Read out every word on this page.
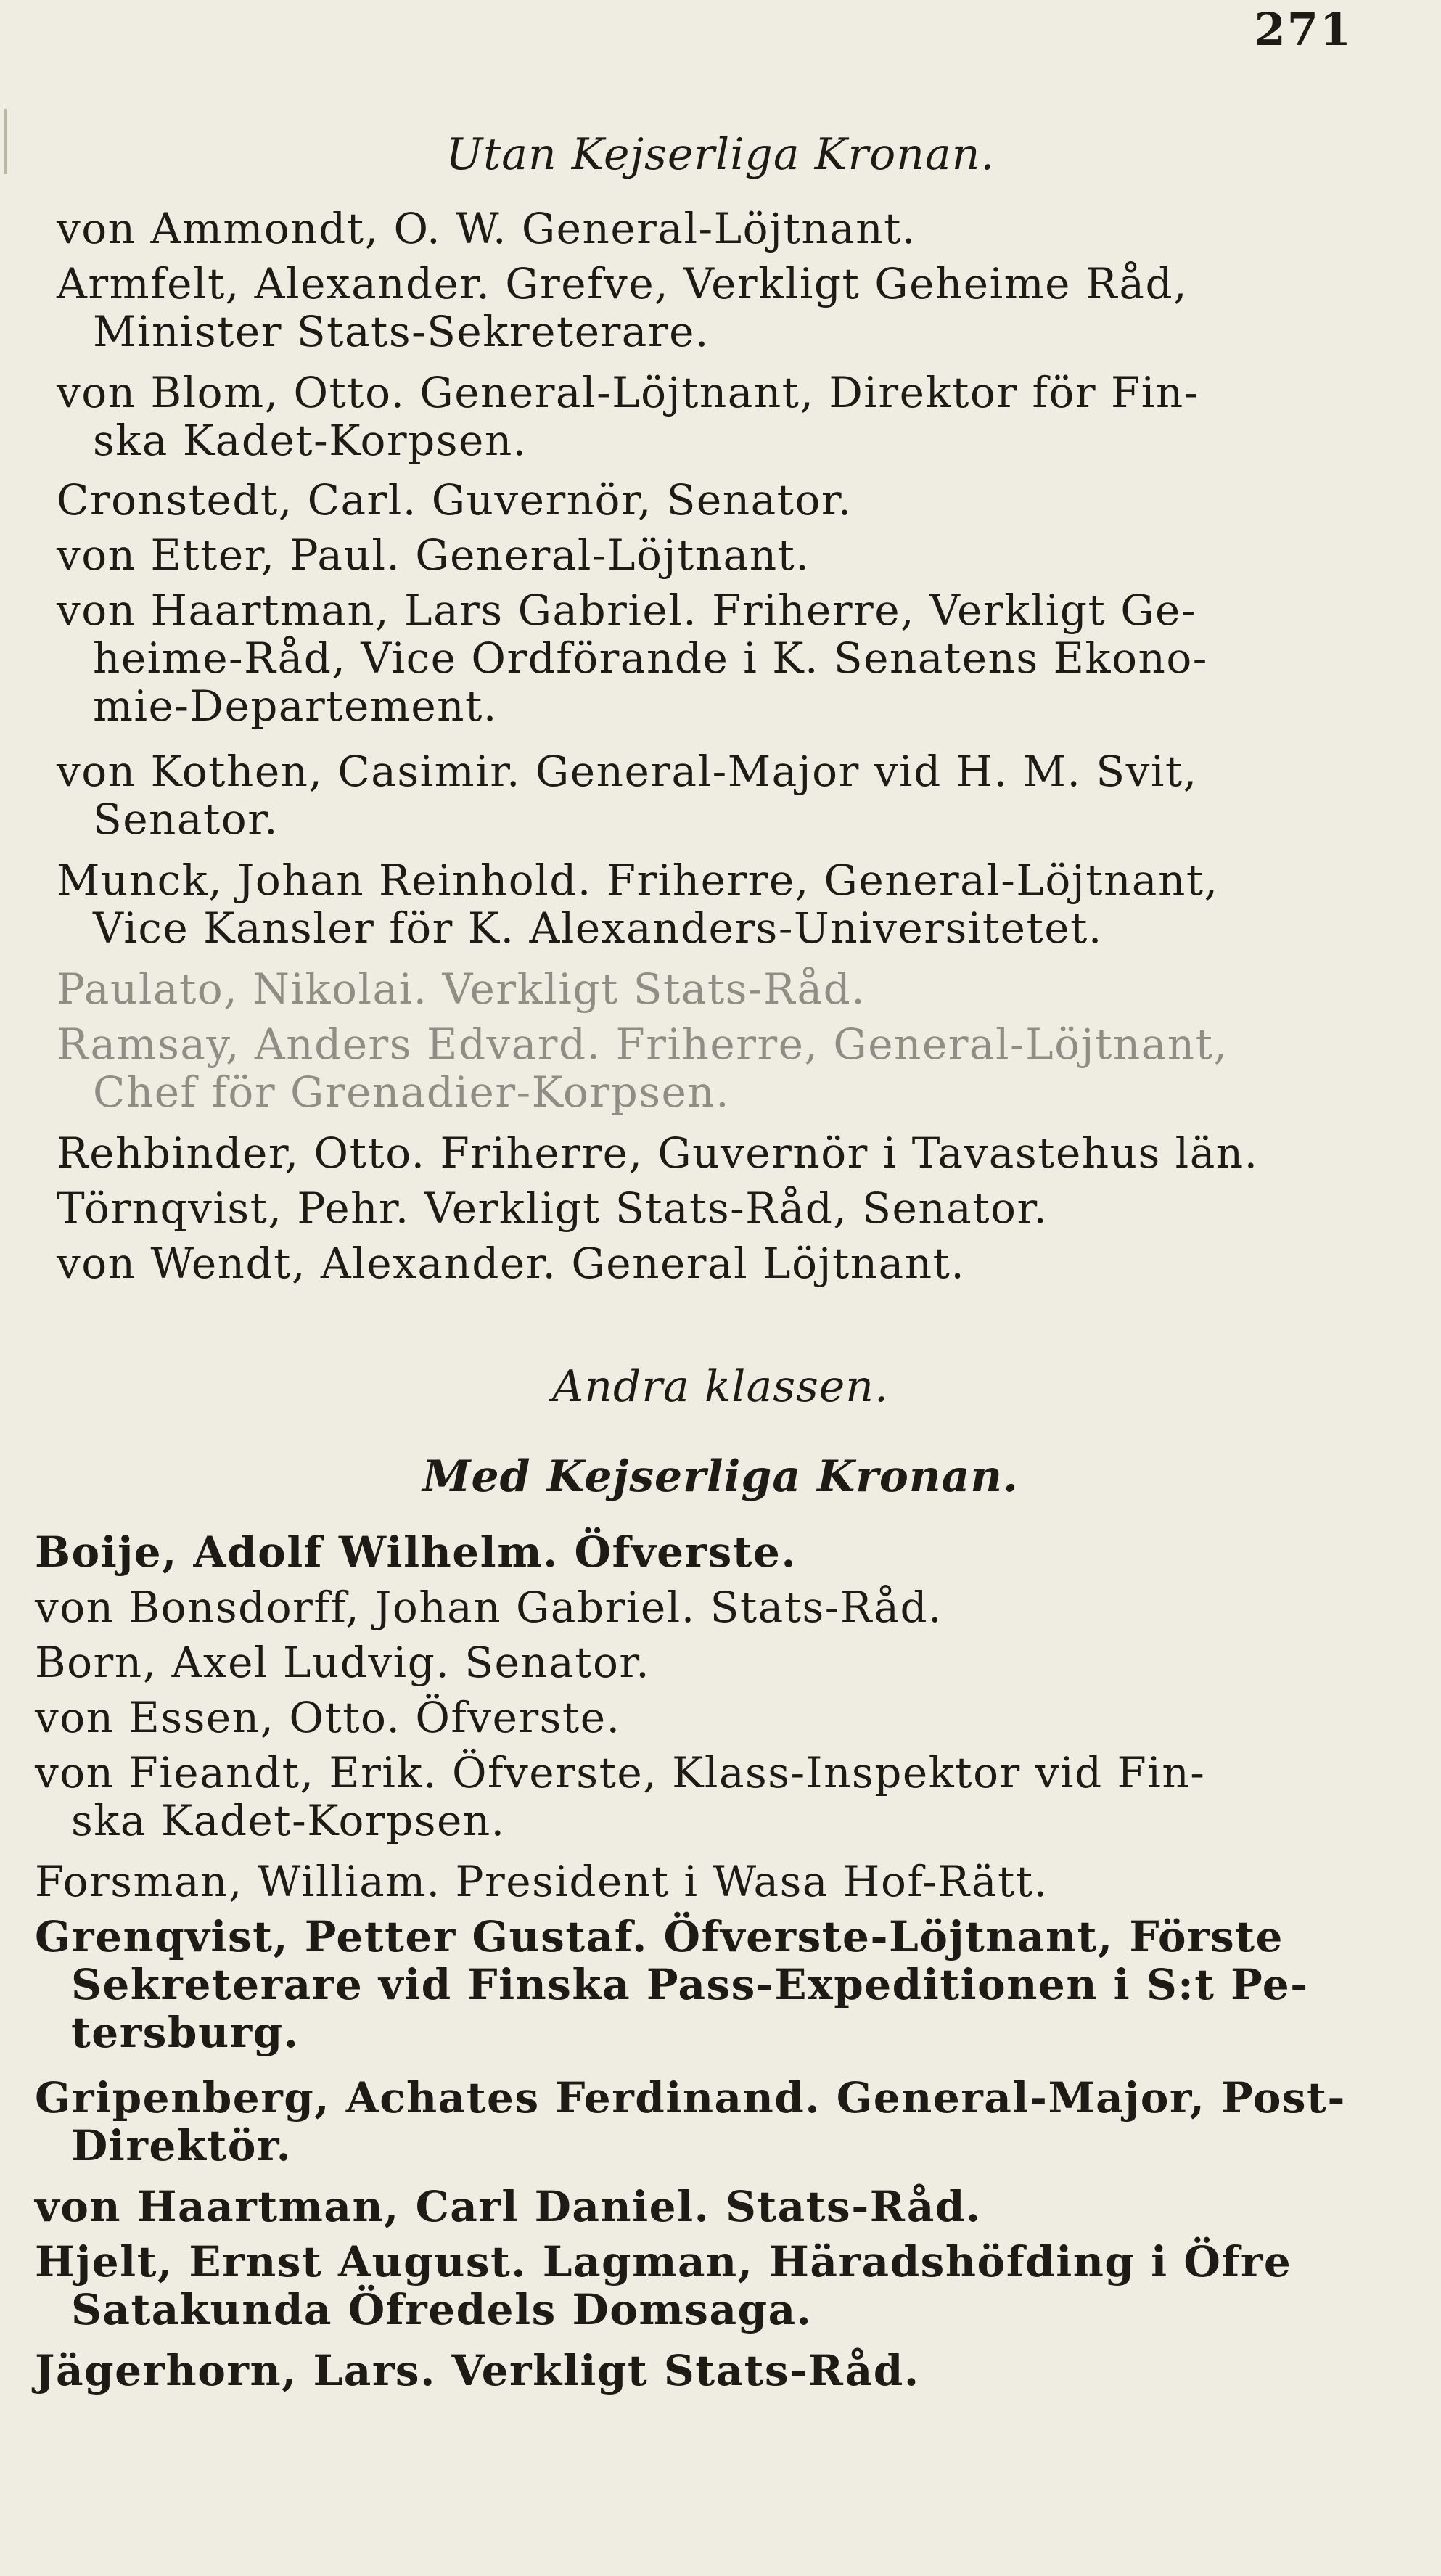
271
Utan Kejserliga Kronan.
von Ammondt, O. W. General-Löjtnant.
Armfelt, Alexander. Grefve, Verkligt Geheime Råd,
Minister Stats-Sekreterare.
von Blom, Otto. General-Löjtnant, Direktor för Fin-
ska Kadet-Korpsen.
Cronstedt, Carl. Guvernör, Senator.
von Etter, Paul. General-Löjtnant.
von Haartman, Lars Gabriel. Friherre, Verkligt Ge-
heime-Råd, Vice Ordförande i K. Senatens Ekono-
mie-Departement.
von Kothen, Casimir. General-Major vid H. M. Svit,
Senator.
Munck, Johan Reinhold. Friherre, General-Löjtnant,
Vice Kansler för K. Alexanders-Universitetet.
Paulato, Nikolai. Verkligt Stats-Råd.
Ramsay, Anders Edvard. Friherre, General-Löjtnant,
Chef för Grenadier-Korpsen.
Rehbinder, Otto. Friherre, Guvernör i Tavastehus län.
Törnqvist, Pehr. Verkligt Stats-Råd, Senator.
von Wendt, Alexander. General Löjtnant.
Andra klassen.
Med Kejserliga Kronan.
Boije, Adolf Wilhelm. Öfverste.
von Bonsdorff, Johan Gabriel. Stats-Råd.
Born, Axel Ludvig. Senator.
von Essen, Otto. Öfverste.
von Fieandt, Erik. Öfverste, Klass-Inspektor vid Fin-
ska Kadet-Korpsen.
Forsman, William. President i Wasa Hof-Rätt.
Grenqvist, Petter Gustaf. Öfverste-Löjtnant, Förste
Sekreterare vid Finska Pass-Expeditionen i S:t Pe-
tersburg.
Gripenberg, Achates Ferdinand. General-Major, Post-
Direktör.
von Haartman, Carl Daniel. Stats-Råd.
Hjelt, Ernst August. Lagman, Häradshöfding i Öfre
Satakunda Öfredels Domsaga.
Jägerhorn, Lars. Verkligt Stats-Råd.
